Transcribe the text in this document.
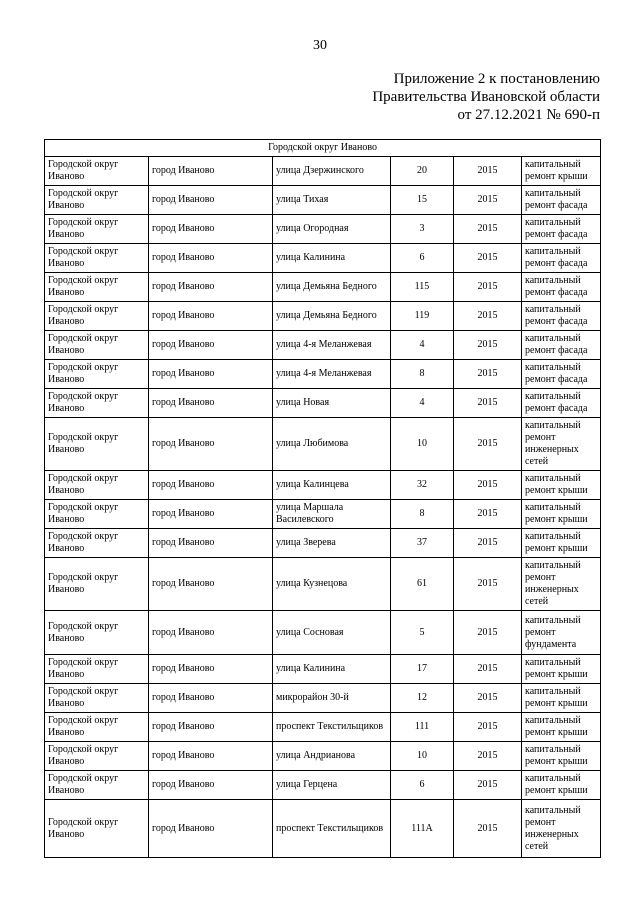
30
Приложение 2 к постановлению
Правительства Ивановской области
от 27.12.2021 № 690-п
Городской округ Иваново					
Городской округ Иваново	город Иваново	улица Дзержинского	20	2015	капитальный ремонт крыши
Городской округ Иваново	город Иваново	улица Тихая	15	2015	капитальный ремонт фасада
Городской округ Иваново	город Иваново	улица Огородная	3	2015	капитальный ремонт фасада
Городской округ Иваново	город Иваново	улица Калинина	6	2015	капитальный ремонт фасада
Городской округ Иваново	город Иваново	улица Демьяна Бедного	115	2015	капитальный ремонт фасада
Городской округ Иваново	город Иваново	улица Демьяна Бедного	119	2015	капитальный ремонт фасада
Городской округ Иваново	город Иваново	улица 4-я Меланжевая	4	2015	капитальный ремонт фасада
Городской округ Иваново	город Иваново	улица 4-я Меланжевая	8	2015	капитальный ремонт фасада
Городской округ Иваново	город Иваново	улица Новая	4	2015	капитальный ремонт фасада
Городской округ Иваново	город Иваново	улица Любимова	10	2015	капитальный ремонт инженерных сетей
Городской округ Иваново	город Иваново	улица Калинцева	32	2015	капитальный ремонт крыши
Городской округ Иваново	город Иваново	улица Маршала Василевского	8	2015	капитальный ремонт крыши
Городской округ Иваново	город Иваново	улица Зверева	37	2015	капитальный ремонт крыши
Городской округ Иваново	город Иваново	улица Кузнецова	61	2015	капитальный ремонт инженерных сетей
Городской округ Иваново	город Иваново	улица Сосновая	5	2015	капитальный ремонт фундамента
Городской округ Иваново	город Иваново	улица Калинина	17	2015	капитальный ремонт крыши
Городской округ Иваново	город Иваново	микрорайон 30-й	12	2015	капитальный ремонт крыши
Городской округ Иваново	город Иваново	проспект Текстильщиков	111	2015	капитальный ремонт крыши
Городской округ Иваново	город Иваново	улица Андрианова	10	2015	капитальный ремонт крыши
Городской округ Иваново	город Иваново	улица Герцена	6	2015	капитальный ремонт крыши
Городской округ Иваново	город Иваново	проспект Текстильщиков	111А	2015	капитальный ремонт инженерных сетей
